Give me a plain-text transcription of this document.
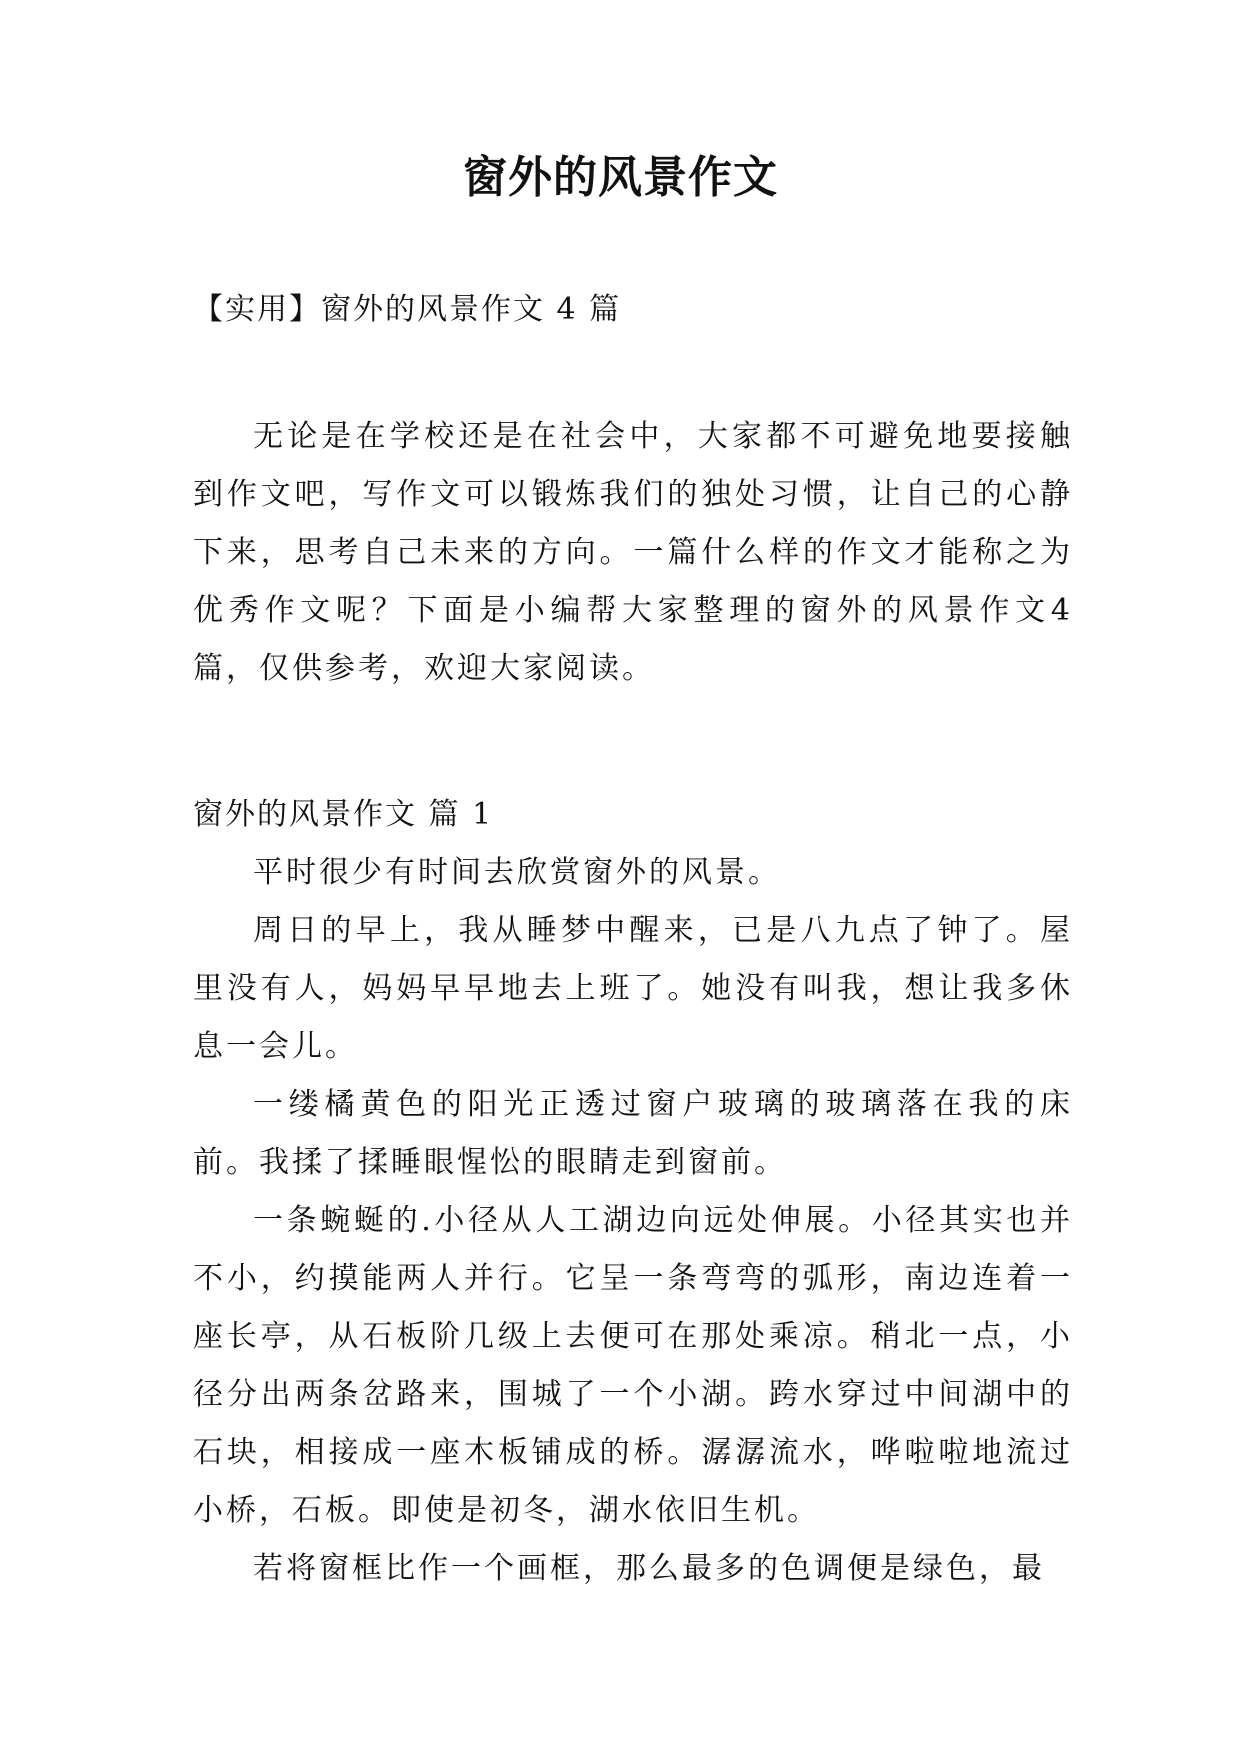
窗外的风景作文
【实用】窗外的风景作文 4 篇

无论是在学校还是在社会中，大家都不可避免地要接触到作文吧，写作文可以锻炼我们的独处习惯，让自己的心静下来，思考自己未来的方向。一篇什么样的作文才能称之为优秀作文呢？下面是小编帮大家整理的窗外的风景作文4篇，仅供参考，欢迎大家阅读。

窗外的风景作文 篇 1

平时很少有时间去欣赏窗外的风景。

周日的早上，我从睡梦中醒来，已是八九点了钟了。屋里没有人，妈妈早早地去上班了。她没有叫我，想让我多休息一会儿。

一缕橘黄色的阳光正透过窗户玻璃的玻璃落在我的床前。我揉了揉睡眼惺忪的眼睛走到窗前。

一条蜿蜒的.小径从人工湖边向远处伸展。小径其实也并不小，约摸能两人并行。它呈一条弯弯的弧形，南边连着一座长亭，从石板阶几级上去便可在那处乘凉。稍北一点，小径分出两条岔路来，围城了一个小湖。跨水穿过中间湖中的石块，相接成一座木板铺成的桥。潺潺流水，哗啦啦地流过小桥，石板。即使是初冬，湖水依旧生机。

若将窗框比作一个画框，那么最多的色调便是绿色，最
